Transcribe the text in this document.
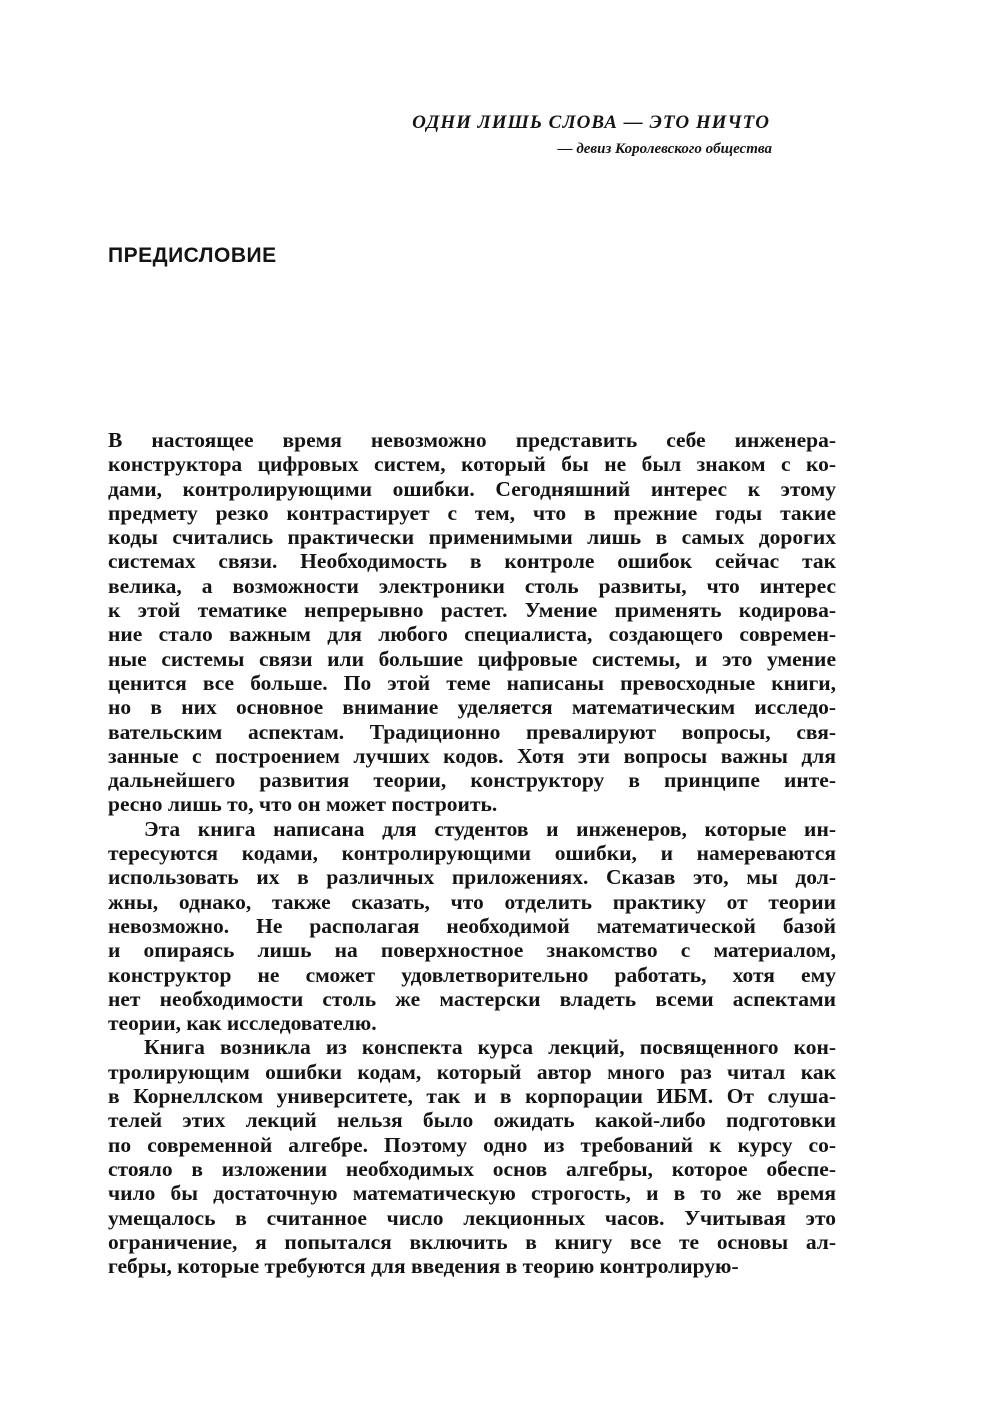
ОДНИ ЛИШЬ СЛОВА — ЭТО НИЧТО
— девиз Королевского общества
ПРЕДИСЛОВИЕ
В настоящее время невозможно представить себе инженера-
конструктора цифровых систем, который бы не был знаком с ко-
дами, контролирующими ошибки. Сегодняшний интерес к этому
предмету резко контрастирует с тем, что в прежние годы такие
коды считались практически применимыми лишь в самых дорогих
системах связи. Необходимость в контроле ошибок сейчас так
велика, а возможности электроники столь развиты, что интерес
к этой тематике непрерывно растет. Умение применять кодирова-
ние стало важным для любого специалиста, создающего современ-
ные системы связи или большие цифровые системы, и это умение
ценится все больше. По этой теме написаны превосходные книги,
но в них основное внимание уделяется математическим исследо-
вательским аспектам. Традиционно превалируют вопросы, свя-
занные с построением лучших кодов. Хотя эти вопросы важны для
дальнейшего развития теории, конструктору в принципе инте-
ресно лишь то, что он может построить.
Эта книга написана для студентов и инженеров, которые ин-
тересуются кодами, контролирующими ошибки, и намереваются
использовать их в различных приложениях. Сказав это, мы дол-
жны, однако, также сказать, что отделить практику от теории
невозможно. Не располагая необходимой математической базой
и опираясь лишь на поверхностное знакомство с материалом,
конструктор не сможет удовлетворительно работать, хотя ему
нет необходимости столь же мастерски владеть всеми аспектами
теории, как исследователю.
Книга возникла из конспекта курса лекций, посвященного кон-
тролирующим ошибки кодам, который автор много раз читал как
в Корнеллском университете, так и в корпорации ИБМ. От слуша-
телей этих лекций нельзя было ожидать какой-либо подготовки
по современной алгебре. Поэтому одно из требований к курсу со-
стояло в изложении необходимых основ алгебры, которое обеспе-
чило бы достаточную математическую строгость, и в то же время
умещалось в считанное число лекционных часов. Учитывая это
ограничение, я попытался включить в книгу все те основы ал-
гебры, которые требуются для введения в теорию контролирую-
